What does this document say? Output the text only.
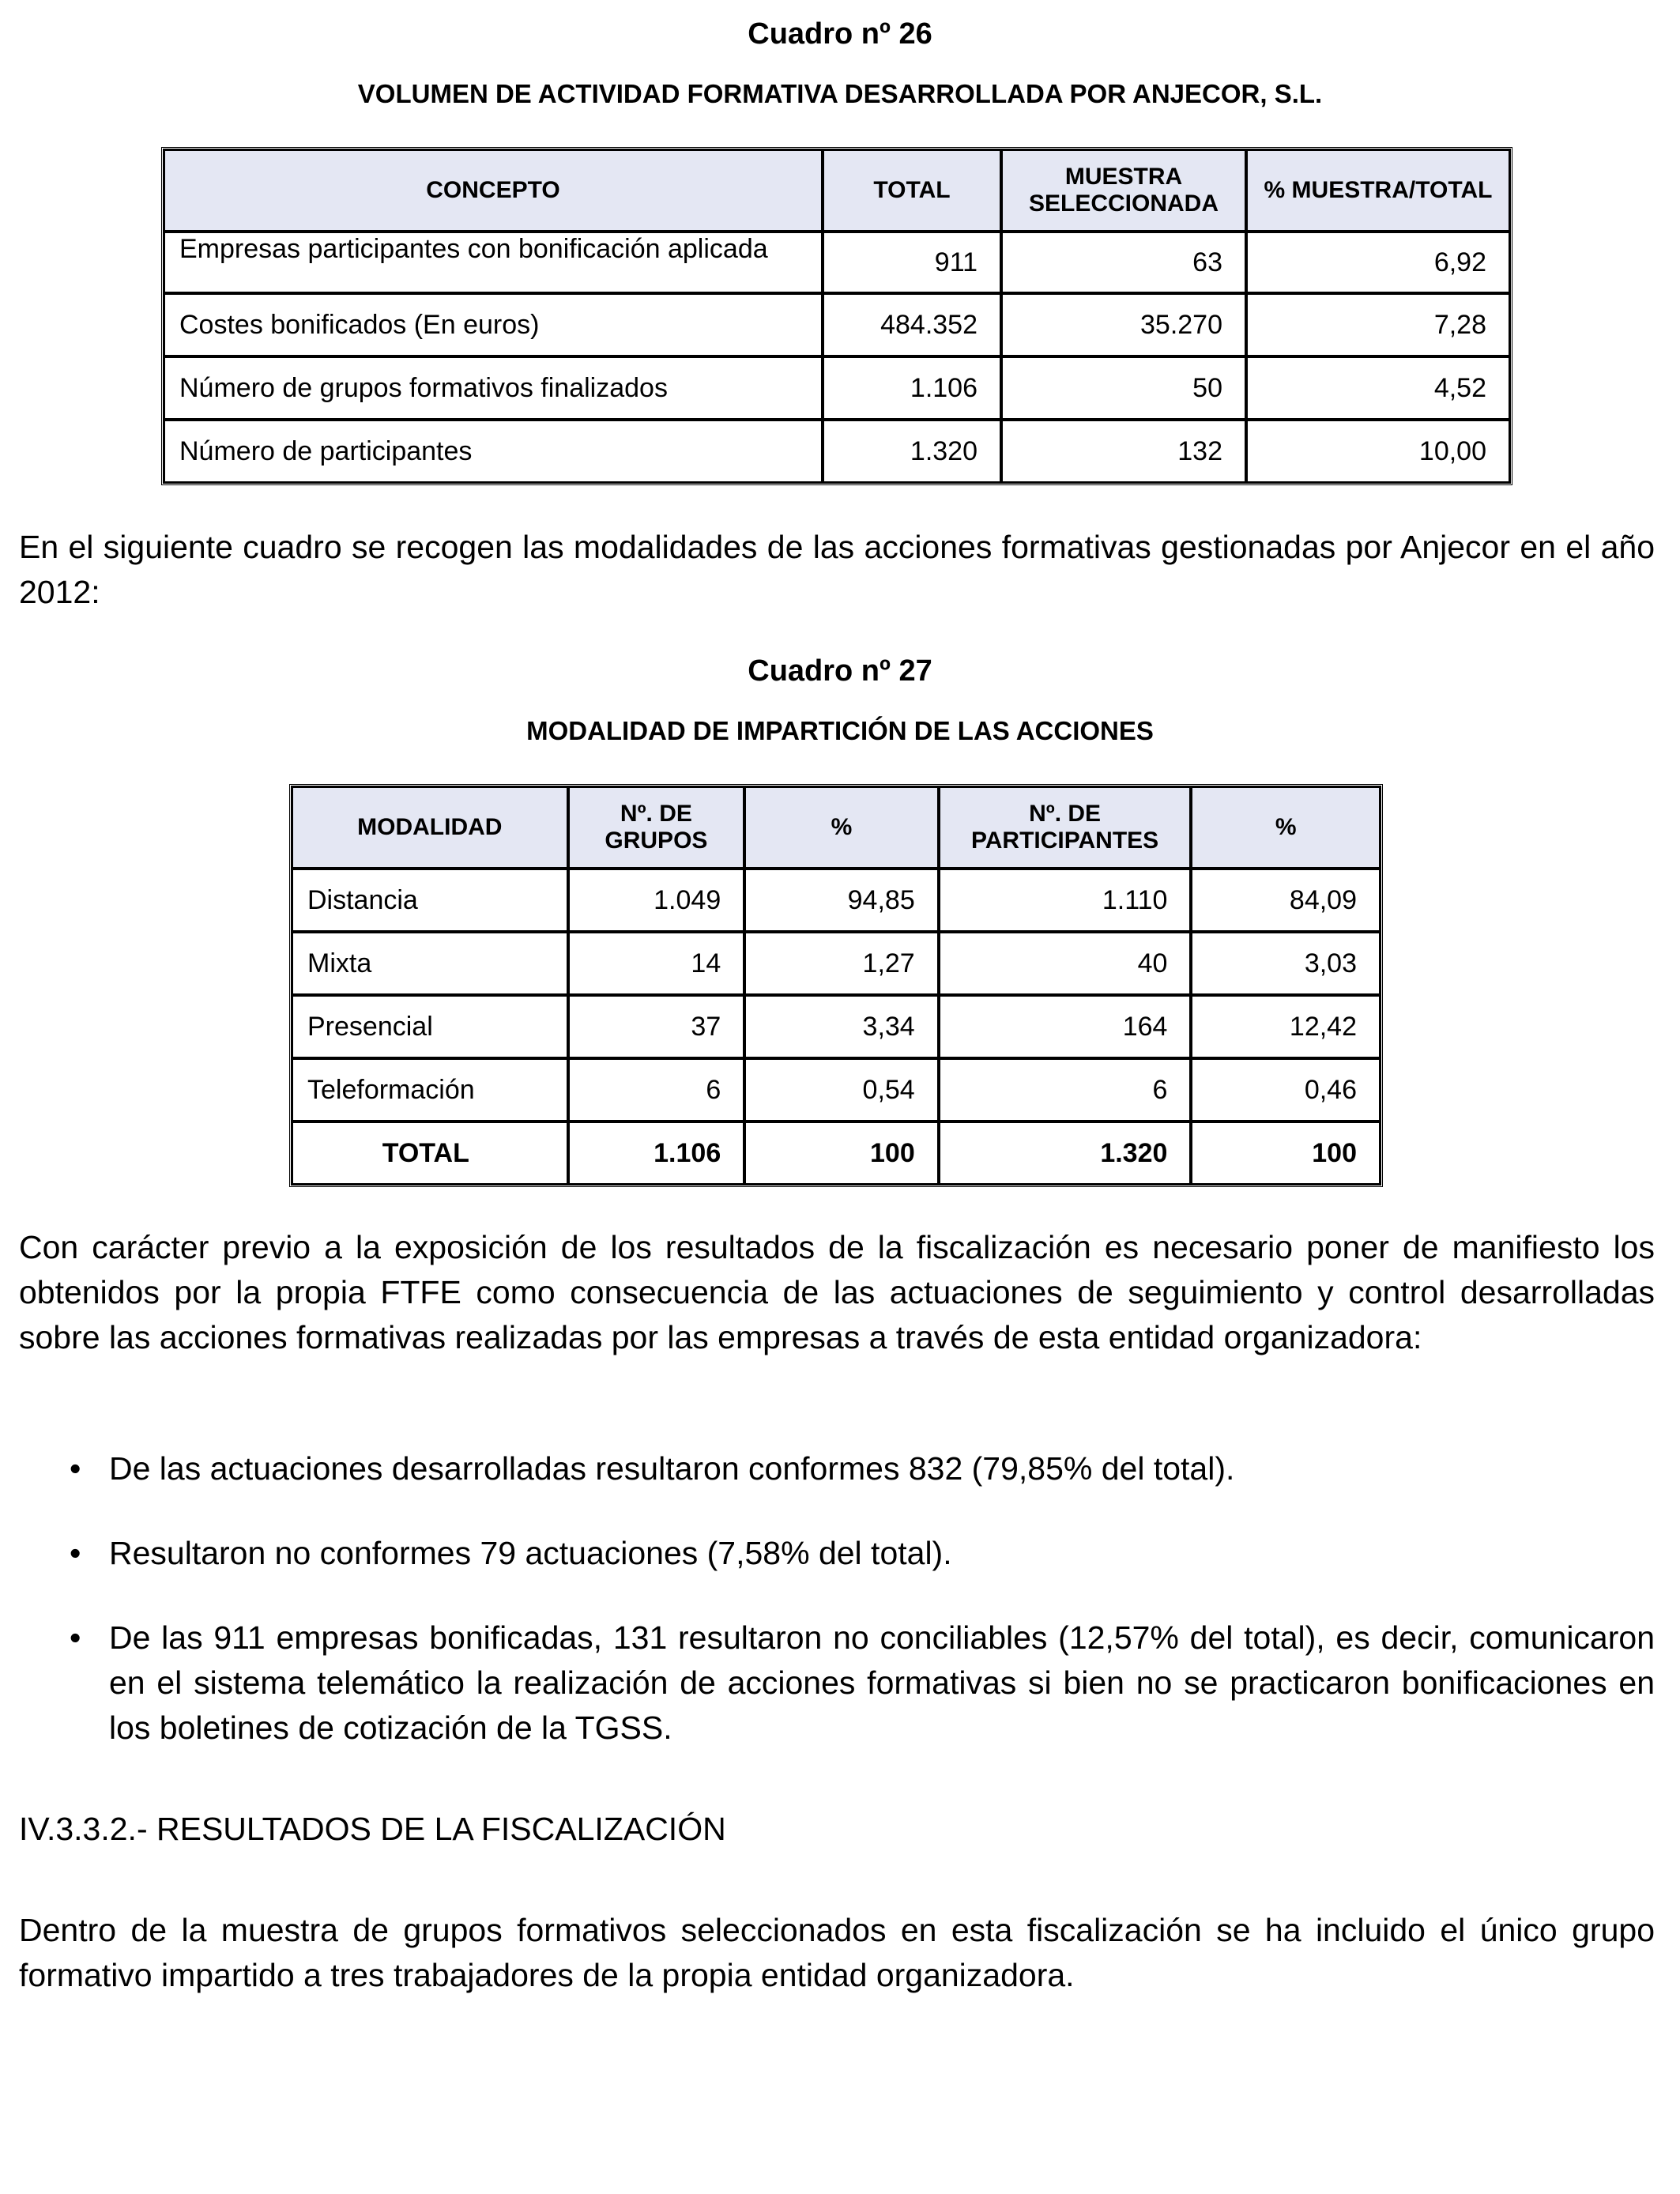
Cuadro nº 26
VOLUMEN DE ACTIVIDAD FORMATIVA DESARROLLADA POR ANJECOR, S.L.
CONCEPTO	TOTAL	MUESTRA SELECCIONADA	% MUESTRA/TOTAL

Empresas participantes con bonificación aplicada	911	63	6,92
Costes bonificados (En euros)	484.352	35.270	7,28
Número de grupos formativos finalizados	1.106	50	4,52
Número de participantes	1.320	132	10,00

En el siguiente cuadro se recogen las modalidades de las acciones formativas gestionadas por Anjecor en el año 2012:

Cuadro nº 27
MODALIDAD DE IMPARTICIÓN DE LAS ACCIONES
MODALIDAD	Nº. DE GRUPOS	%	Nº. DE PARTICIPANTES	%
Distancia	1.049	94,85	1.110	84,09
Mixta	14	1,27	40	3,03
Presencial	37	3,34	164	12,42
Teleformación	6	0,54	6	0,46
TOTAL	1.106	100	1.320	100

Con carácter previo a la exposición de los resultados de la fiscalización es necesario poner de manifiesto los obtenidos por la propia FTFE como consecuencia de las actuaciones de seguimiento y control desarrolladas sobre las acciones formativas realizadas por las empresas a través de esta entidad organizadora:

• De las actuaciones desarrolladas resultaron conformes 832 (79,85% del total).
• Resultaron no conformes 79 actuaciones (7,58% del total).
• De las 911 empresas bonificadas, 131 resultaron no conciliables (12,57% del total), es decir, comunicaron en el sistema telemático la realización de acciones formativas si bien no se practicaron bonificaciones en los boletines de cotización de la TGSS.
IV.3.3.2.- RESULTADOS DE LA FISCALIZACIÓN

Dentro de la muestra de grupos formativos seleccionados en esta fiscalización se ha incluido el único grupo formativo impartido a tres trabajadores de la propia entidad organizadora.
